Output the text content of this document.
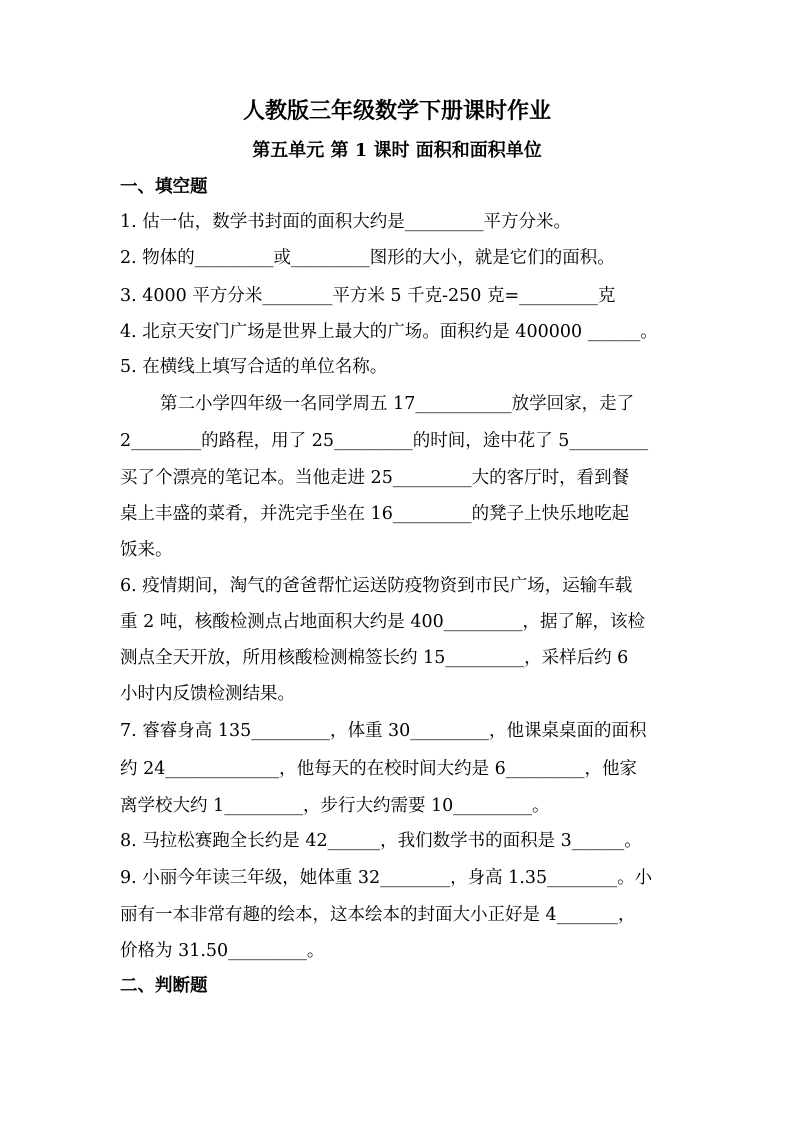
人教版三年级数学下册课时作业
第五单元 第 1 课时 面积和面积单位
一、填空题
1. 估一估，数学书封面的面积大约是_________平方分米。
2. 物体的_________或_________图形的大小，就是它们的面积。
3. 4000 平方分米________平方米 5 千克-250 克=_________克
4. 北京天安门广场是世界上最大的广场。面积约是 400000 ______。
5. 在横线上填写合适的单位名称。
第二小学四年级一名同学周五 17___________放学回家，走了
2________的路程，用了 25_________的时间，途中花了 5_________
买了个漂亮的笔记本。当他走进 25_________大的客厅时，看到餐
桌上丰盛的菜肴，并洗完手坐在 16_________的凳子上快乐地吃起
饭来。
6. 疫情期间，淘气的爸爸帮忙运送防疫物资到市民广场，运输车载
重 2 吨，核酸检测点占地面积大约是 400_________，据了解，该检
测点全天开放，所用核酸检测棉签长约 15_________，采样后约 6
小时内反馈检测结果。
7. 睿睿身高 135_________，体重 30_________，他课桌桌面的面积
约 24_____________，他每天的在校时间大约是 6_________，他家
离学校大约 1_________，步行大约需要 10_________。
8. 马拉松赛跑全长约是 42______，我们数学书的面积是 3______。
9. 小丽今年读三年级，她体重 32________，身高 1.35________。小
丽有一本非常有趣的绘本，这本绘本的封面大小正好是 4_______，
价格为 31.50_________。
二、判断题
